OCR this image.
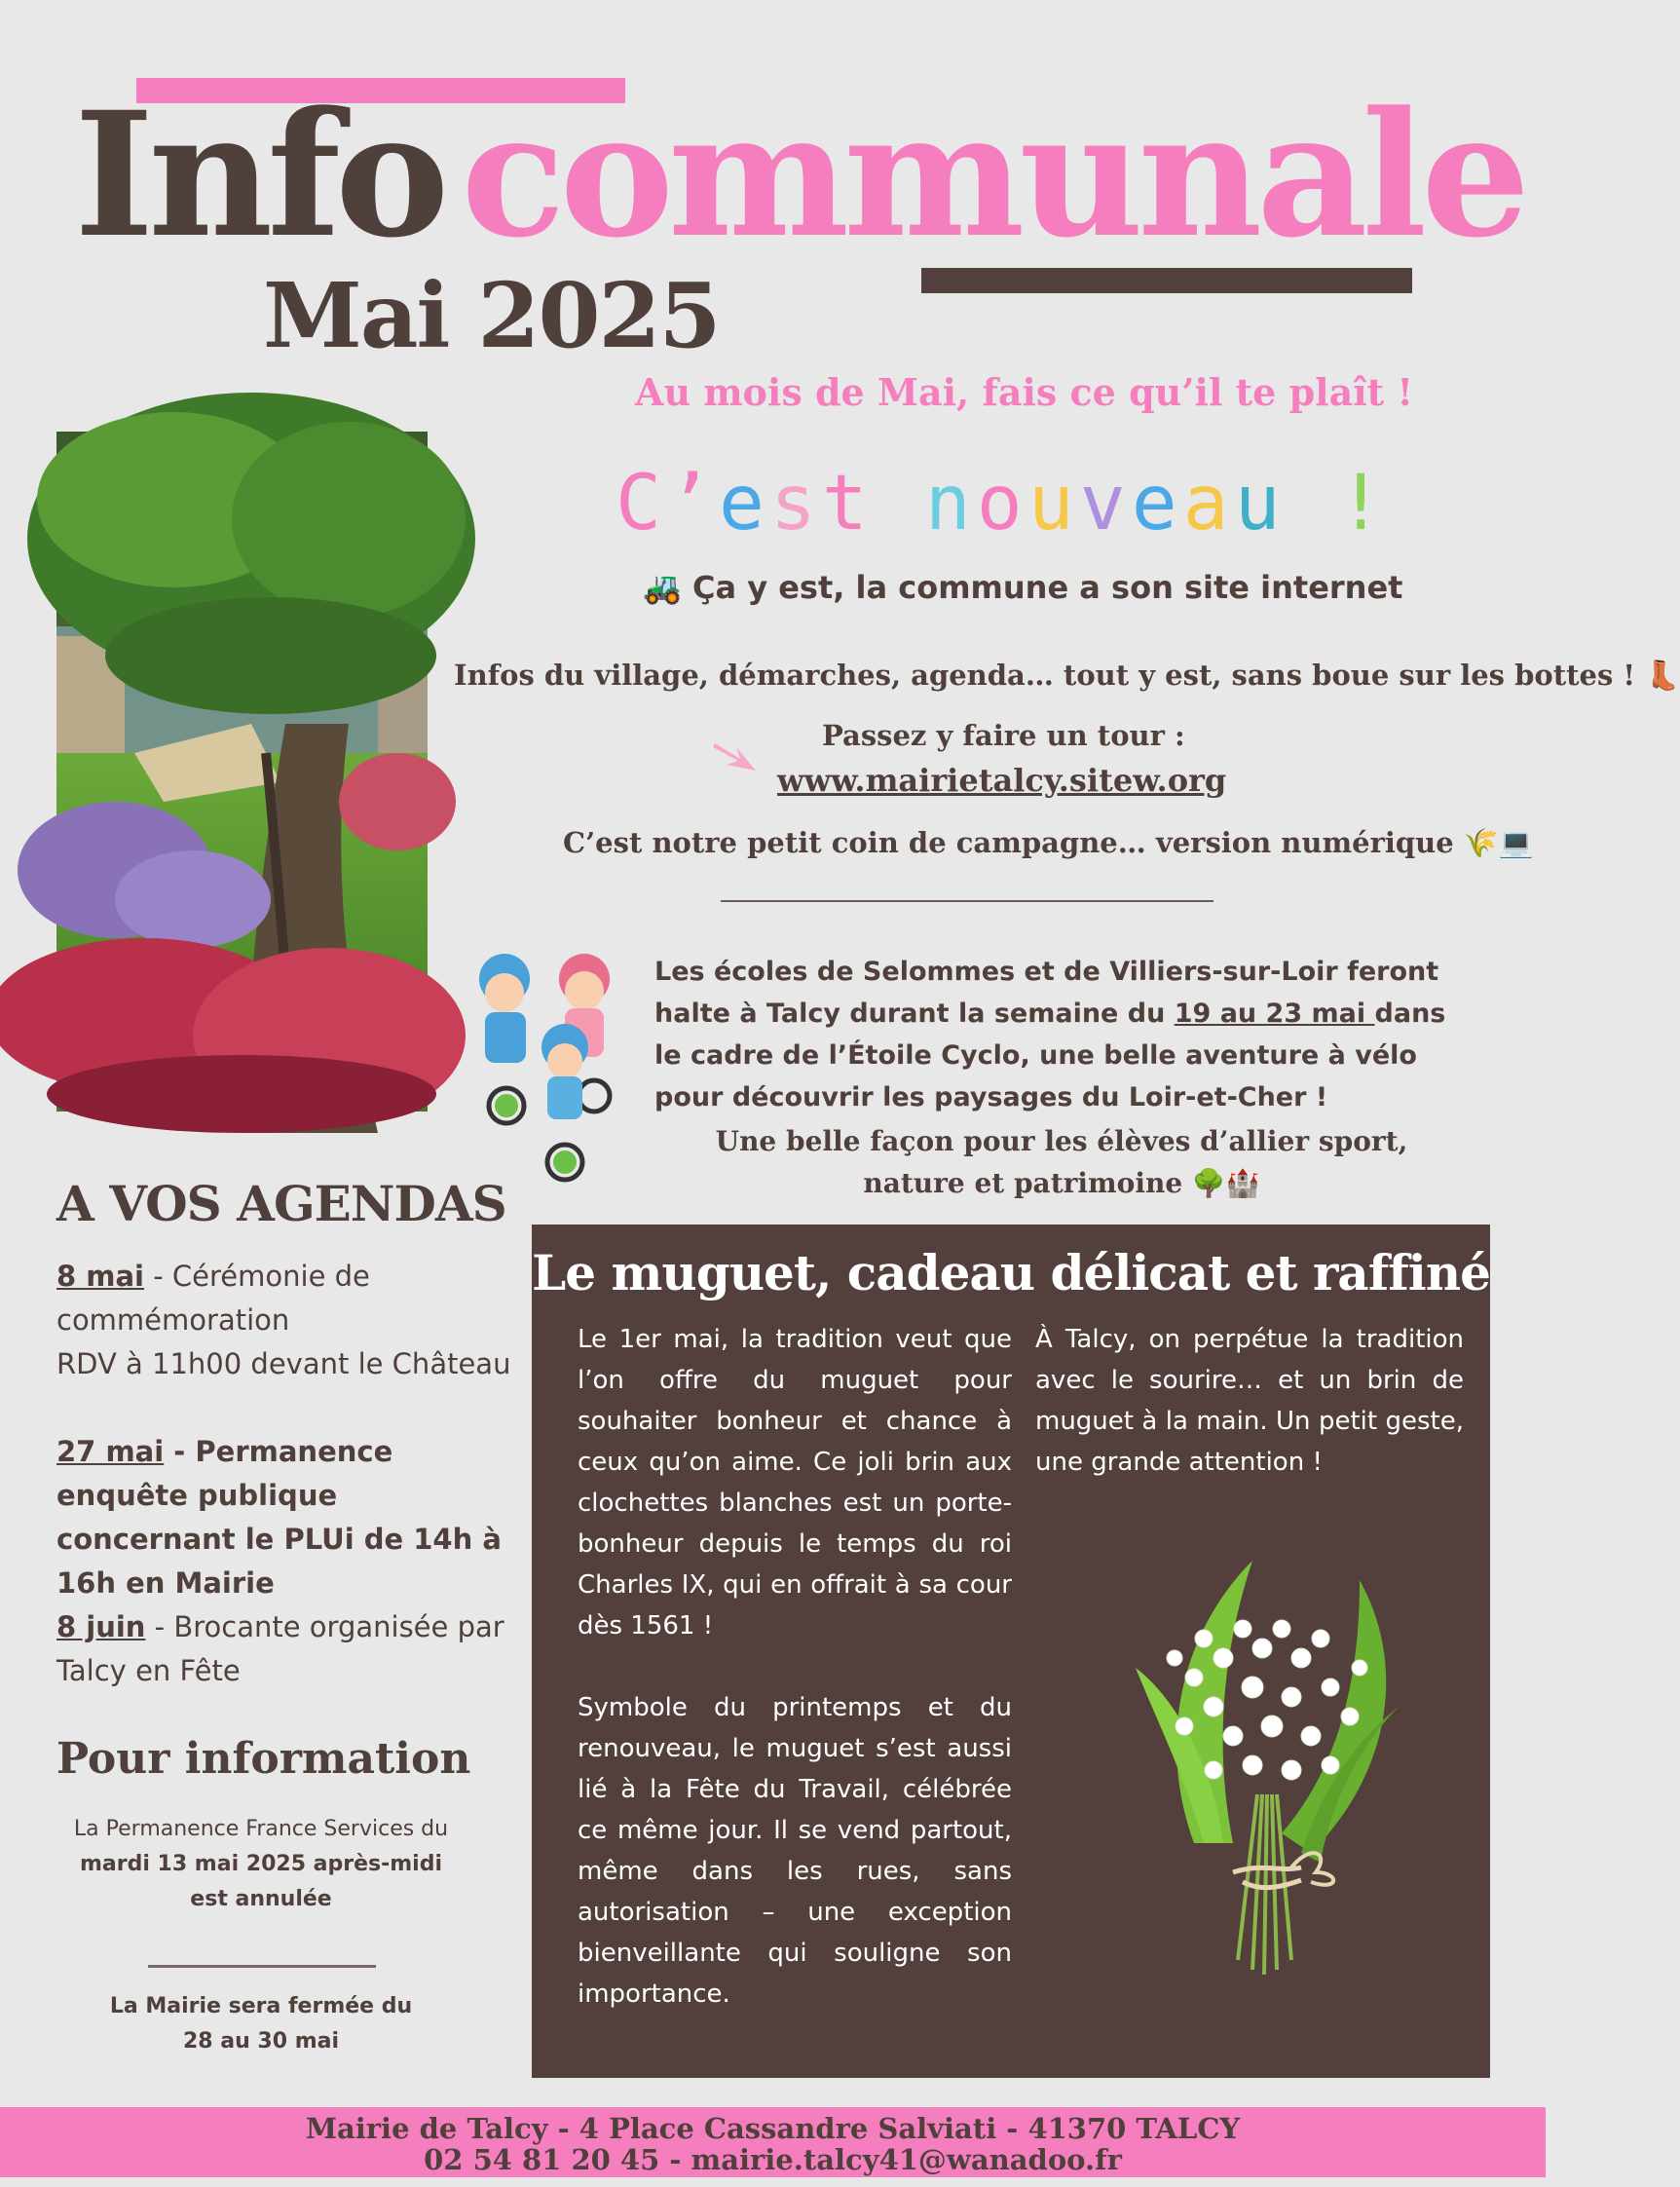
Info communale
Mai 2025
Au mois de Mai, fais ce qu’il te plaît !
C’est nouveau !
🚜 Ça y est, la commune a son site internet
Infos du village, démarches, agenda… tout y est, sans boue sur les bottes ! 👢
Passez y faire un tour :
www.mairietalcy.sitew.org
C’est notre petit coin de campagne… version numérique 🌾💻
Les écoles de Selommes et de Villiers-sur-Loir feront halte à Talcy durant la semaine du 19 au 23 mai dans le cadre de l’Étoile Cyclo, une belle aventure à vélo pour découvrir les paysages du Loir-et-Cher !
Une belle façon pour les élèves d’allier sport, nature et patrimoine 🌳🏰
A VOS AGENDAS
8 mai - Cérémonie de commémoration
RDV à 11h00 devant le Château
27 mai - Permanence enquête publique concernant le PLUi de 14h à 16h en Mairie
8 juin - Brocante organisée par Talcy en Fête
Pour information
La Permanence France Services du
mardi 13 mai 2025 après-midi
est annulée
La Mairie sera fermée du
28 au 30 mai
Le muguet, cadeau délicat et raffiné

Le 1er mai, la tradition veut que l’on offre du muguet pour souhaiter bonheur et chance à ceux qu’on aime. Ce joli brin aux clochettes blanches est un porte-bonheur depuis le temps du roi Charles IX, qui en offrait à sa cour dès 1561 !

Symbole du printemps et du renouveau, le muguet s’est aussi lié à la Fête du Travail, célébrée ce même jour. Il se vend partout, même dans les rues, sans autorisation – une exception bienveillante qui souligne son importance.

À Talcy, on perpétue la tradition avec le sourire… et un brin de muguet à la main. Un petit geste, une grande attention !

Mairie de Talcy - 4 Place Cassandre Salviati - 41370 TALCY
02 54 81 20 45 - mairie.talcy41@wanadoo.fr
